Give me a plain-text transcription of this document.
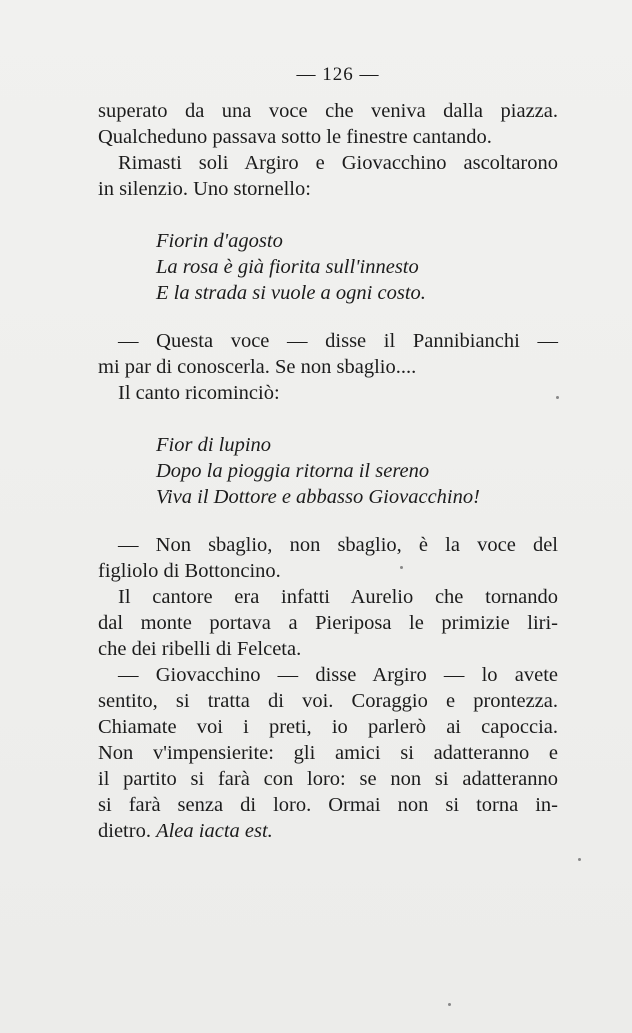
— 126 —
superato da una voce che veniva dalla piazza.
Qualcheduno passava sotto le finestre cantando.
Rimasti soli Argiro e Giovacchino ascoltarono
in silenzio. Uno stornello:
Fiorin d'agosto
La rosa è già fiorita sull'innesto
E la strada si vuole a ogni costo.
— Questa voce — disse il Pannibianchi —
mi par di conoscerla. Se non sbaglio....
Il canto ricominciò:
Fior di lupino
Dopo la pioggia ritorna il sereno
Viva il Dottore e abbasso Giovacchino!
— Non sbaglio, non sbaglio, è la voce del
figliolo di Bottoncino.
Il cantore era infatti Aurelio che tornando
dal monte portava a Pieriposa le primizie liri-
che dei ribelli di Felceta.
— Giovacchino — disse Argiro — lo avete
sentito, si tratta di voi. Coraggio e prontezza.
Chiamate voi i preti, io parlerò ai capoccia.
Non v'impensierite: gli amici si adatteranno e
il partito si farà con loro: se non si adatteranno
si farà senza di loro. Ormai non si torna in-
dietro. Alea iacta est.
